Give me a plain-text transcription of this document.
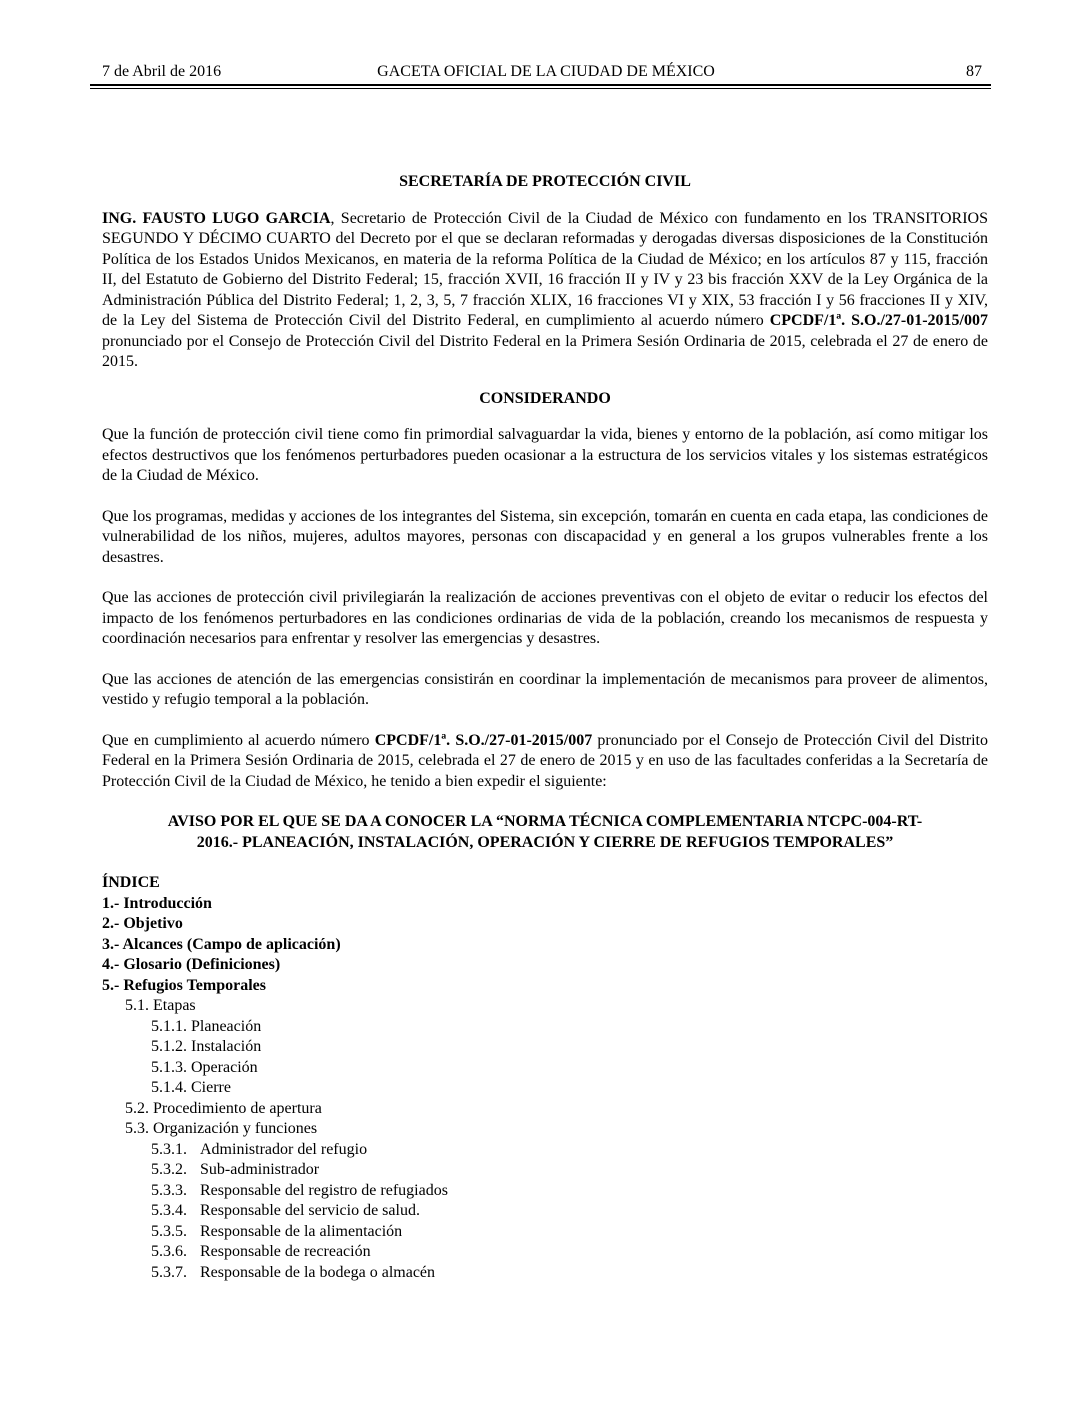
7 de Abril de 2016	GACETA OFICIAL DE LA CIUDAD DE MÉXICO	87

SECRETARÍA DE PROTECCIÓN CIVIL

ING. FAUSTO LUGO GARCIA, Secretario de Protección Civil de la Ciudad de México con fundamento en los TRANSITORIOS SEGUNDO Y DÉCIMO CUARTO del Decreto por el que se declaran reformadas y derogadas diversas disposiciones de la Constitución Política de los Estados Unidos Mexicanos, en materia de la reforma Política de la Ciudad de México; en los artículos 87 y 115, fracción II, del Estatuto de Gobierno del Distrito Federal; 15, fracción XVII, 16 fracción II y IV y 23 bis fracción XXV de la Ley Orgánica de la Administración Pública del Distrito Federal; 1, 2, 3, 5, 7 fracción XLIX, 16 fracciones VI y XIX, 53 fracción I y 56 fracciones II y XIV, de la Ley del Sistema de Protección Civil del Distrito Federal, en cumplimiento al acuerdo número CPCDF/1ª. S.O./27-01-2015/007 pronunciado por el Consejo de Protección Civil del Distrito Federal en la Primera Sesión Ordinaria de 2015, celebrada el 27 de enero de 2015.

CONSIDERANDO

Que la función de protección civil tiene como fin primordial salvaguardar la vida, bienes y entorno de la población, así como mitigar los efectos destructivos que los fenómenos perturbadores pueden ocasionar a la estructura de los servicios vitales y los sistemas estratégicos de la Ciudad de México.

Que los programas, medidas y acciones de los integrantes del Sistema, sin excepción, tomarán en cuenta en cada etapa, las condiciones de vulnerabilidad de los niños, mujeres, adultos mayores, personas con discapacidad y en general a los grupos vulnerables frente a los desastres.

Que las acciones de protección civil privilegiarán la realización de acciones preventivas con el objeto de evitar o reducir los efectos del impacto de los fenómenos perturbadores en las condiciones ordinarias de vida de la población, creando los mecanismos de respuesta y coordinación necesarios para enfrentar y resolver las emergencias y desastres.

Que las acciones de atención de las emergencias consistirán en coordinar la implementación de mecanismos para proveer de alimentos, vestido y refugio temporal a la población.

Que en cumplimiento al acuerdo número CPCDF/1ª. S.O./27-01-2015/007 pronunciado por el Consejo de Protección Civil del Distrito Federal en la Primera Sesión Ordinaria de 2015, celebrada el 27 de enero de 2015 y en uso de las facultades conferidas a la Secretaría de Protección Civil de la Ciudad de México, he tenido a bien expedir el siguiente:

AVISO POR EL QUE SE DA A CONOCER LA “NORMA TÉCNICA COMPLEMENTARIA NTCPC-004-RT-
2016.- PLANEACIÓN, INSTALACIÓN, OPERACIÓN Y CIERRE DE REFUGIOS TEMPORALES”

ÍNDICE
1.- Introducción
2.- Objetivo
3.- Alcances (Campo de aplicación)
4.- Glosario (Definiciones)
5.- Refugios Temporales
5.1. Etapas
5.1.1. Planeación
5.1.2. Instalación
5.1.3. Operación
5.1.4. Cierre
5.2. Procedimiento de apertura
5.3. Organización y funciones
5.3.1. Administrador del refugio
5.3.2. Sub-administrador
5.3.3. Responsable del registro de refugiados
5.3.4. Responsable del servicio de salud.
5.3.5. Responsable de la alimentación
5.3.6. Responsable de recreación
5.3.7. Responsable de la bodega o almacén
